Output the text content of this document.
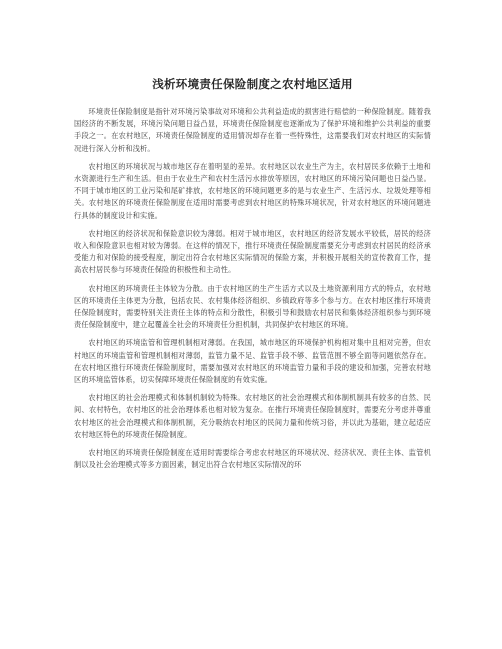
浅析环境责任保险制度之农村地区适用

环境责任保险制度是指针对环境污染事故对环境和公共利益造成的损害进行赔偿的一种保险制度。随着我国经济的不断发展，环境污染问题日益凸显，环境责任保险制度也逐渐成为了保护环境和维护公共利益的重要手段之一。在农村地区，环境责任保险制度的适用情况却存在着一些特殊性，这需要我们对农村地区的实际情况进行深入分析和浅析。

农村地区的环境状况与城市地区存在着明显的差异。农村地区以农业生产为主，农村居民多依赖于土地和水资源进行生产和生活。但由于农业生产和农村生活污水排放等原因，农村地区的环境污染问题也日益凸显。不同于城市地区的工业污染和尾矿排放，农村地区的环境问题更多的是与农业生产、生活污水、垃圾处理等相关。农村地区的环境责任保险制度在适用时需要考虑到农村地区的特殊环境状况，针对农村地区的环境问题进行具体的制度设计和实施。

农村地区的经济状况和保险意识较为薄弱。相对于城市地区，农村地区的经济发展水平较低，居民的经济收入和保险意识也相对较为薄弱。在这样的情况下，推行环境责任保险制度需要充分考虑到农村居民的经济承受能力和对保险的接受程度，制定出符合农村地区实际情况的保险方案，并积极开展相关的宣传教育工作，提高农村居民参与环境责任保险的积极性和主动性。

农村地区的环境责任主体较为分散。由于农村地区的生产生活方式以及土地资源利用方式的特点，农村地区的环境责任主体更为分散，包括农民、农村集体经济组织、乡镇政府等多个参与方。在农村地区推行环境责任保险制度时，需要特别关注责任主体的特点和分散性，积极引导和鼓励农村居民和集体经济组织参与到环境责任保险制度中，建立起覆盖全社会的环境责任分担机制，共同保护农村地区的环境。

农村地区的环境监管和管理机制相对薄弱。在我国，城市地区的环境保护机构相对集中且相对完善，但农村地区的环境监管和管理机制相对薄弱，监管力量不足、监管手段不够、监管范围不够全面等问题依然存在。在农村地区推行环境责任保险制度时，需要加强对农村地区的环境监管力量和手段的建设和加强，完善农村地区的环境监管体系，切实保障环境责任保险制度的有效实施。

农村地区的社会治理模式和体制机制较为特殊。农村地区的社会治理模式和体制机制具有较多的自然、民间、农村特色，农村地区的社会治理体系也相对较为复杂。在推行环境责任保险制度时，需要充分考虑并尊重农村地区的社会治理模式和体制机制，充分吸纳农村地区的民间力量和传统习俗，并以此为基础，建立起适应农村地区特色的环境责任保险制度。

农村地区的环境责任保险制度在适用时需要综合考虑农村地区的环境状况、经济状况、责任主体、监管机制以及社会治理模式等多方面因素，制定出符合农村地区实际情况的环
